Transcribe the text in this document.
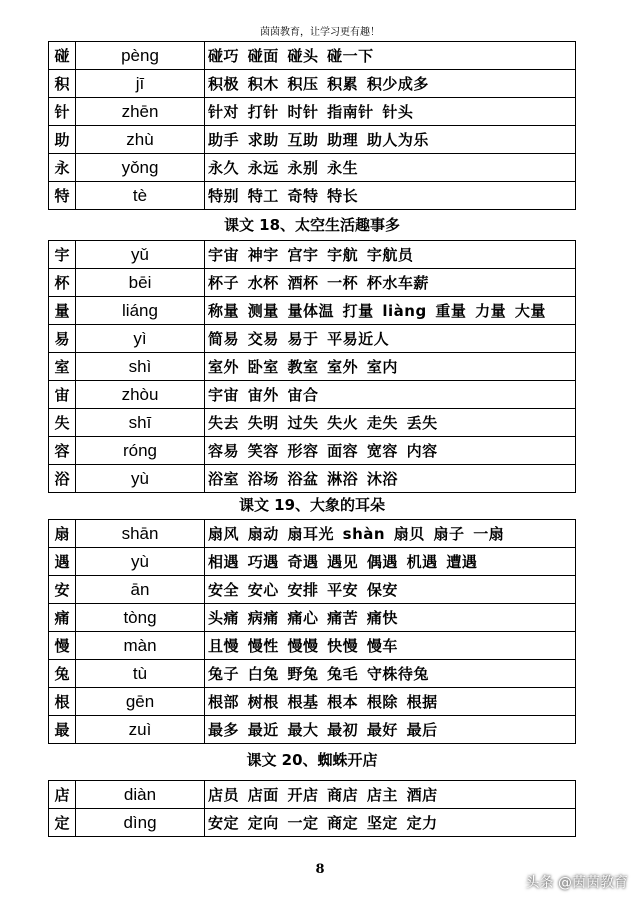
茵茵教育，让学习更有趣！
碰	pèng	碰巧 碰面 碰头 碰一下
积	jī	积极 积木 积压 积累 积少成多
针	zhēn	针对 打针 时针 指南针 针头
助	zhù	助手 求助 互助 助理 助人为乐
永	yǒng	永久 永远 永别 永生
特	tè	特别 特工 奇特 特长
课文 18、太空生活趣事多
宇	yǔ	宇宙 神宇 宫宇 宇航 宇航员
杯	bēi	杯子 水杯 酒杯 一杯 杯水车薪
量	liáng	称量 测量 量体温 打量 liàng 重量 力量 大量
易	yì	简易 交易 易于 平易近人
室	shì	室外 卧室 教室 室外 室内
宙	zhòu	宇宙 宙外 宙合
失	shī	失去 失明 过失 失火 走失 丢失
容	róng	容易 笑容 形容 面容 宽容 内容
浴	yù	浴室 浴场 浴盆 淋浴 沐浴
课文 19、大象的耳朵
扇	shān	扇风 扇动 扇耳光 shàn 扇贝 扇子 一扇
遇	yù	相遇 巧遇 奇遇 遇见 偶遇 机遇 遭遇
安	ān	安全 安心 安排 平安 保安
痛	tòng	头痛 病痛 痛心 痛苦 痛快
慢	màn	且慢 慢性 慢慢 快慢 慢车
兔	tù	兔子 白兔 野兔 兔毛 守株待兔
根	gēn	根部 树根 根基 根本 根除 根据
最	zuì	最多 最近 最大 最初 最好 最后
课文 20、蜘蛛开店
店	diàn	店员 店面 开店 商店 店主 酒店
定	dìng	安定 定向 一定 商定 坚定 定力
8
头条 @茵茵教育
